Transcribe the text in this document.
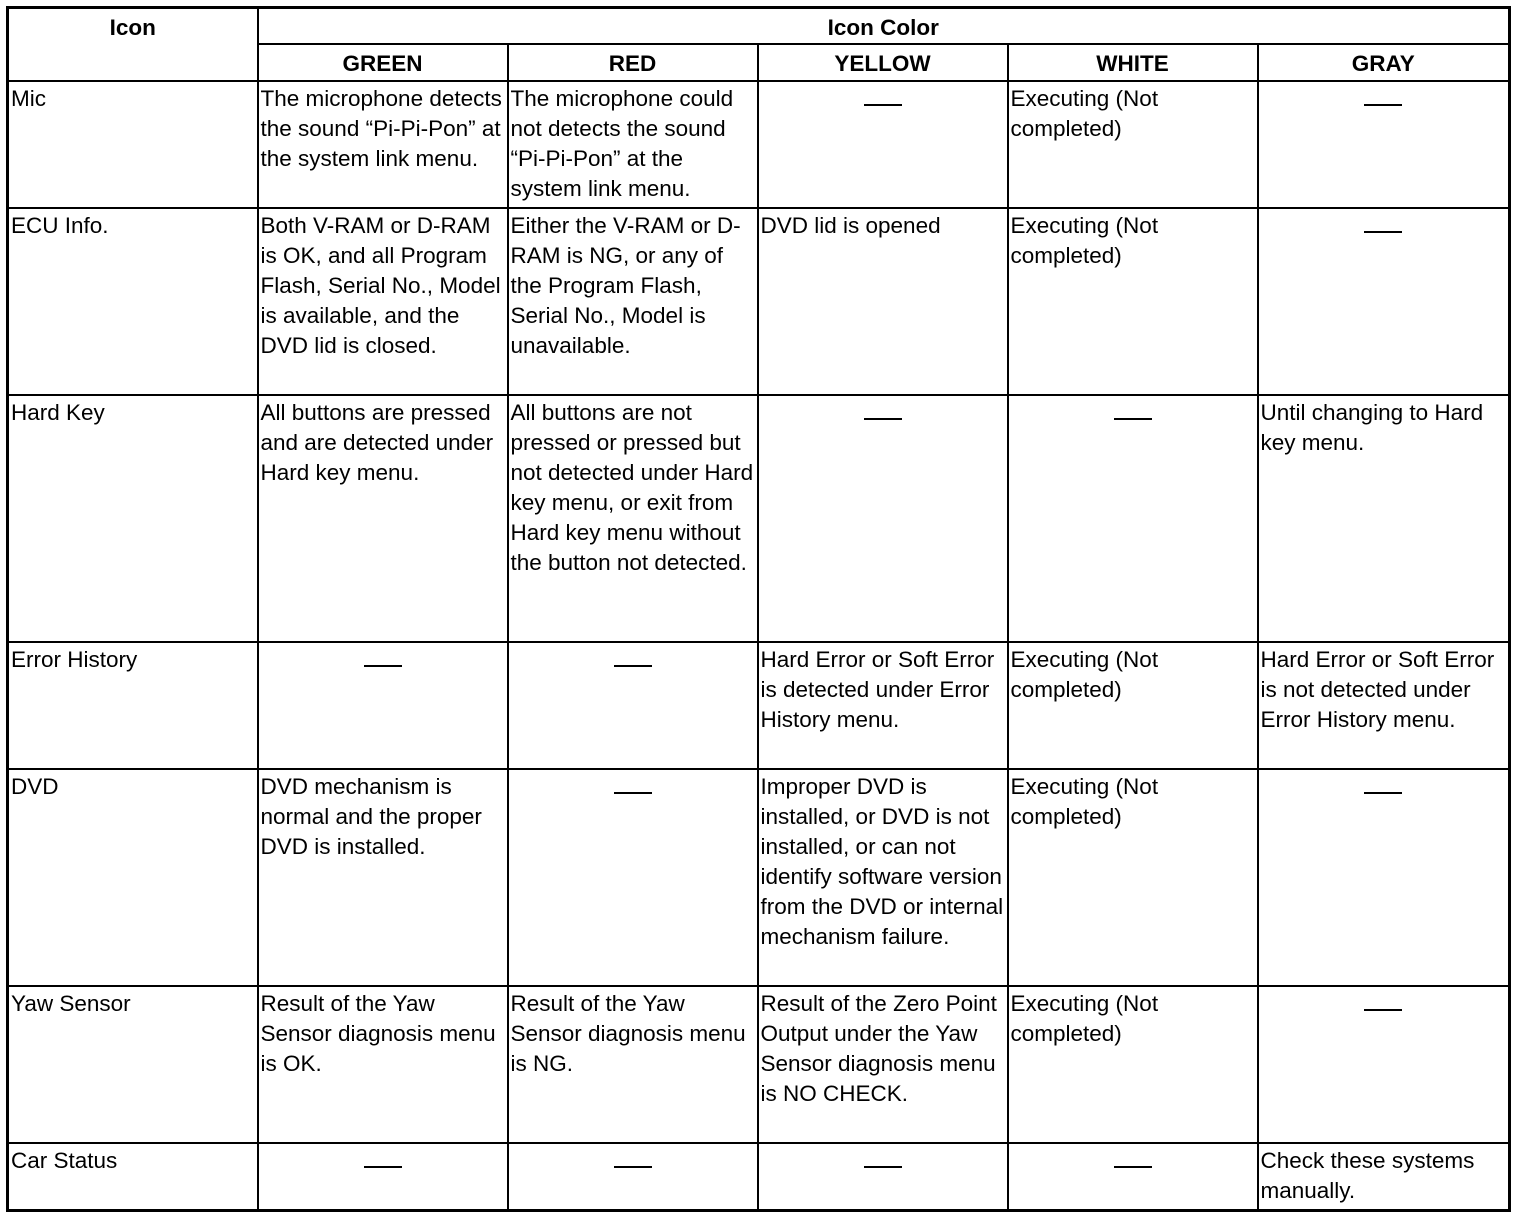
Icon	Icon Color				
	GREEN	RED	YELLOW	WHITE	GRAY
Mic	The microphone detects the sound “Pi-Pi-Pon” at the system link menu.	The microphone could not detects the sound “Pi-Pi-Pon” at the system link menu.		Executing (Not completed)	
ECU Info.	Both V-RAM or D-RAM is OK, and all Program Flash, Serial No., Model is available, and the DVD lid is closed.	Either the V-RAM or D-RAM is NG, or any of the Program Flash, Serial No., Model is unavailable.	DVD lid is opened	Executing (Not completed)	
Hard Key	All buttons are pressed and are detected under Hard key menu.	All buttons are not pressed or pressed but not detected under Hard key menu, or exit from Hard key menu without the button not detected.			Until changing to Hard key menu.
Error History			Hard Error or Soft Error is detected under Error History menu.	Executing (Not completed)	Hard Error or Soft Error is not detected under Error History menu.
DVD	DVD mechanism is normal and the proper DVD is installed.		Improper DVD is installed, or DVD is not installed, or can not identify software version from the DVD or internal mechanism failure.	Executing (Not completed)	
Yaw Sensor	Result of the Yaw Sensor diagnosis menu is OK.	Result of the Yaw Sensor diagnosis menu is NG.	Result of the Zero Point Output under the Yaw Sensor diagnosis menu is NO CHECK.	Executing (Not completed)	
Car Status					Check these systems manually.
